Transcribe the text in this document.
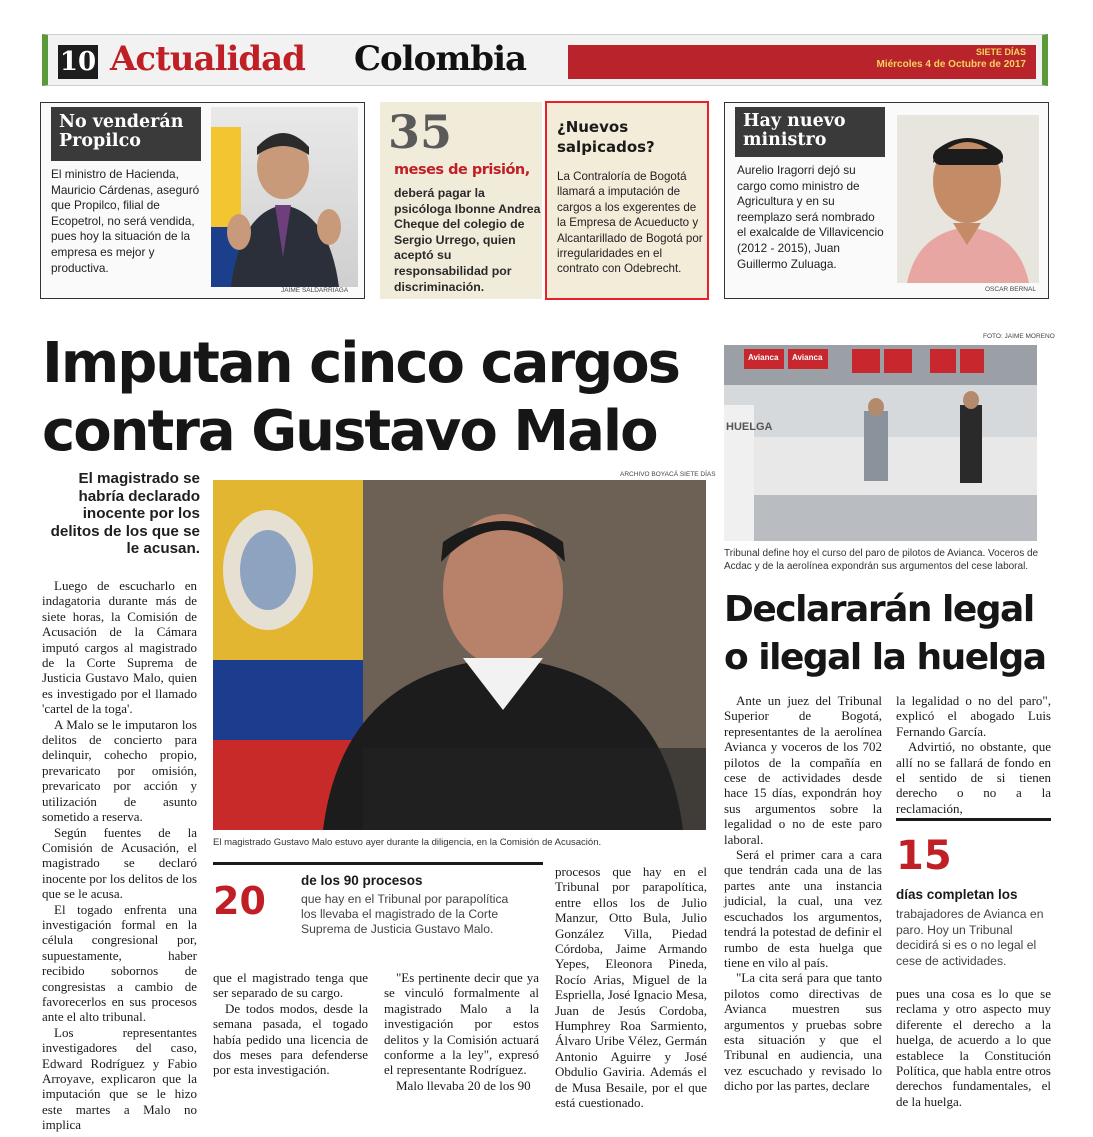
10 Actualidad Colombia	SIETE DÍAS
Miércoles 4 de Octubre de 2017
No venderán
Propilco
JAIME SALDARRIAGA
El ministro de Hacienda, Mauricio Cárdenas, aseguró que Propilco, filial de Ecopetrol, no será vendida, pues hoy la situación de la empresa es mejor y productiva.
35
meses de prisión,
deberá pagar la psicóloga Ibonne Andrea Cheque del colegio de Sergio Urrego, quien aceptó su responsabilidad por discriminación.
¿Nuevos
salpicados?
La Contraloría de Bogotá llamará a imputación de cargos a los exgerentes de la Empresa de Acueducto y Alcantarillado de Bogotá por irregularidades en el contrato con Odebrecht.
Hay nuevo
ministro
Aurelio Iragorri dejó su cargo como ministro de Agricultura y en su reemplazo será nombrado el exalcalde de Villavicencio (2012 - 2015), Juan Guillermo Zuluaga.
OSCAR BERNAL
Imputan cinco cargos
contra Gustavo Malo
El magistrado se habría declarado inocente por los delitos de los que se le acusan.
ARCHIVO BOYACÁ SIETE DÍAS
El magistrado Gustavo Malo estuvo ayer durante la diligencia, en la Comisión de Acusación.
Luego de escucharlo en indagatoria durante más de siete horas, la Comisión de Acusación de la Cámara imputó cargos al magistrado de la Corte Suprema de Justicia Gustavo Malo, quien es investigado por el llamado 'cartel de la toga'.
A Malo se le imputaron los delitos de concierto para delinquir, cohecho propio, prevaricato por omisión, prevaricato por acción y utilización de asunto sometido a reserva.
Según fuentes de la Comisión de Acusación, el magistrado se declaró inocente por los delitos de los que se le acusa.
El togado enfrenta una investigación formal en la célula congresional por, supuestamente, haber recibido sobornos de congresistas a cambio de favorecerlos en sus procesos ante el alto tribunal.
Los representantes investigadores del caso, Edward Rodríguez y Fabio Arroyave, explicaron que la imputación que se le hizo este martes a Malo no implica
20	de los 90 procesos
que hay en el Tribunal por parapolítica los llevaba el magistrado de la Corte Suprema de Justicia Gustavo Malo.
que el magistrado tenga que ser separado de su cargo.
De todos modos, desde la semana pasada, el togado había pedido una licencia de dos meses para defenderse por esta investigación.
"Es pertinente decir que ya se vinculó formalmente al magistrado Malo a la investigación por estos delitos y la Comisión actuará conforme a la ley", expresó el representante Rodríguez.
Malo llevaba 20 de los 90
procesos que hay en el Tribunal por parapolítica, entre ellos los de Julio Manzur, Otto Bula, Julio González Villa, Piedad Córdoba, Jaime Armando Yepes, Eleonora Pineda, Rocío Arias, Miguel de la Espriella, José Ignacio Mesa, Juan de Jesús Cordoba, Humphrey Roa Sarmiento, Álvaro Uribe Vélez, Germán Antonio Aguirre y José Obdulio Gaviria. Además el de Musa Besaile, por el que está cuestionado.
FOTO: JAIME MORENO
Avianca Avianca
HUELGA
Tribunal define hoy el curso del paro de pilotos de Avianca. Voceros de Acdac y de la aerolínea expondrán sus argumentos del cese laboral.
Declararán legal
o ilegal la huelga
Ante un juez del Tribunal Superior de Bogotá, representantes de la aerolínea Avianca y voceros de los 702 pilotos de la compañía en cese de actividades desde hace 15 días, expondrán hoy sus argumentos sobre la legalidad o no de este paro laboral.
Será el primer cara a cara que tendrán cada una de las partes ante una instancia judicial, la cual, una vez escuchados los argumentos, tendrá la potestad de definir el rumbo de esta huelga que tiene en vilo al país.
"La cita será para que tanto pilotos como directivas de Avianca muestren sus argumentos y pruebas sobre esta situación y que el Tribunal en audiencia, una vez escuchado y revisado lo dicho por las partes, declare
la legalidad o no del paro", explicó el abogado Luis Fernando García.
Advirtió, no obstante, que allí no se fallará de fondo en el sentido de si tienen derecho o no a la reclamación,
15
días completan los
trabajadores de Avianca en paro. Hoy un Tribunal decidirá si es o no legal el cese de actividades.
pues una cosa es lo que se reclama y otro aspecto muy diferente el derecho a la huelga, de acuerdo a lo que establece la Constitución Política, que habla entre otros derechos fundamentales, el de la huelga.
